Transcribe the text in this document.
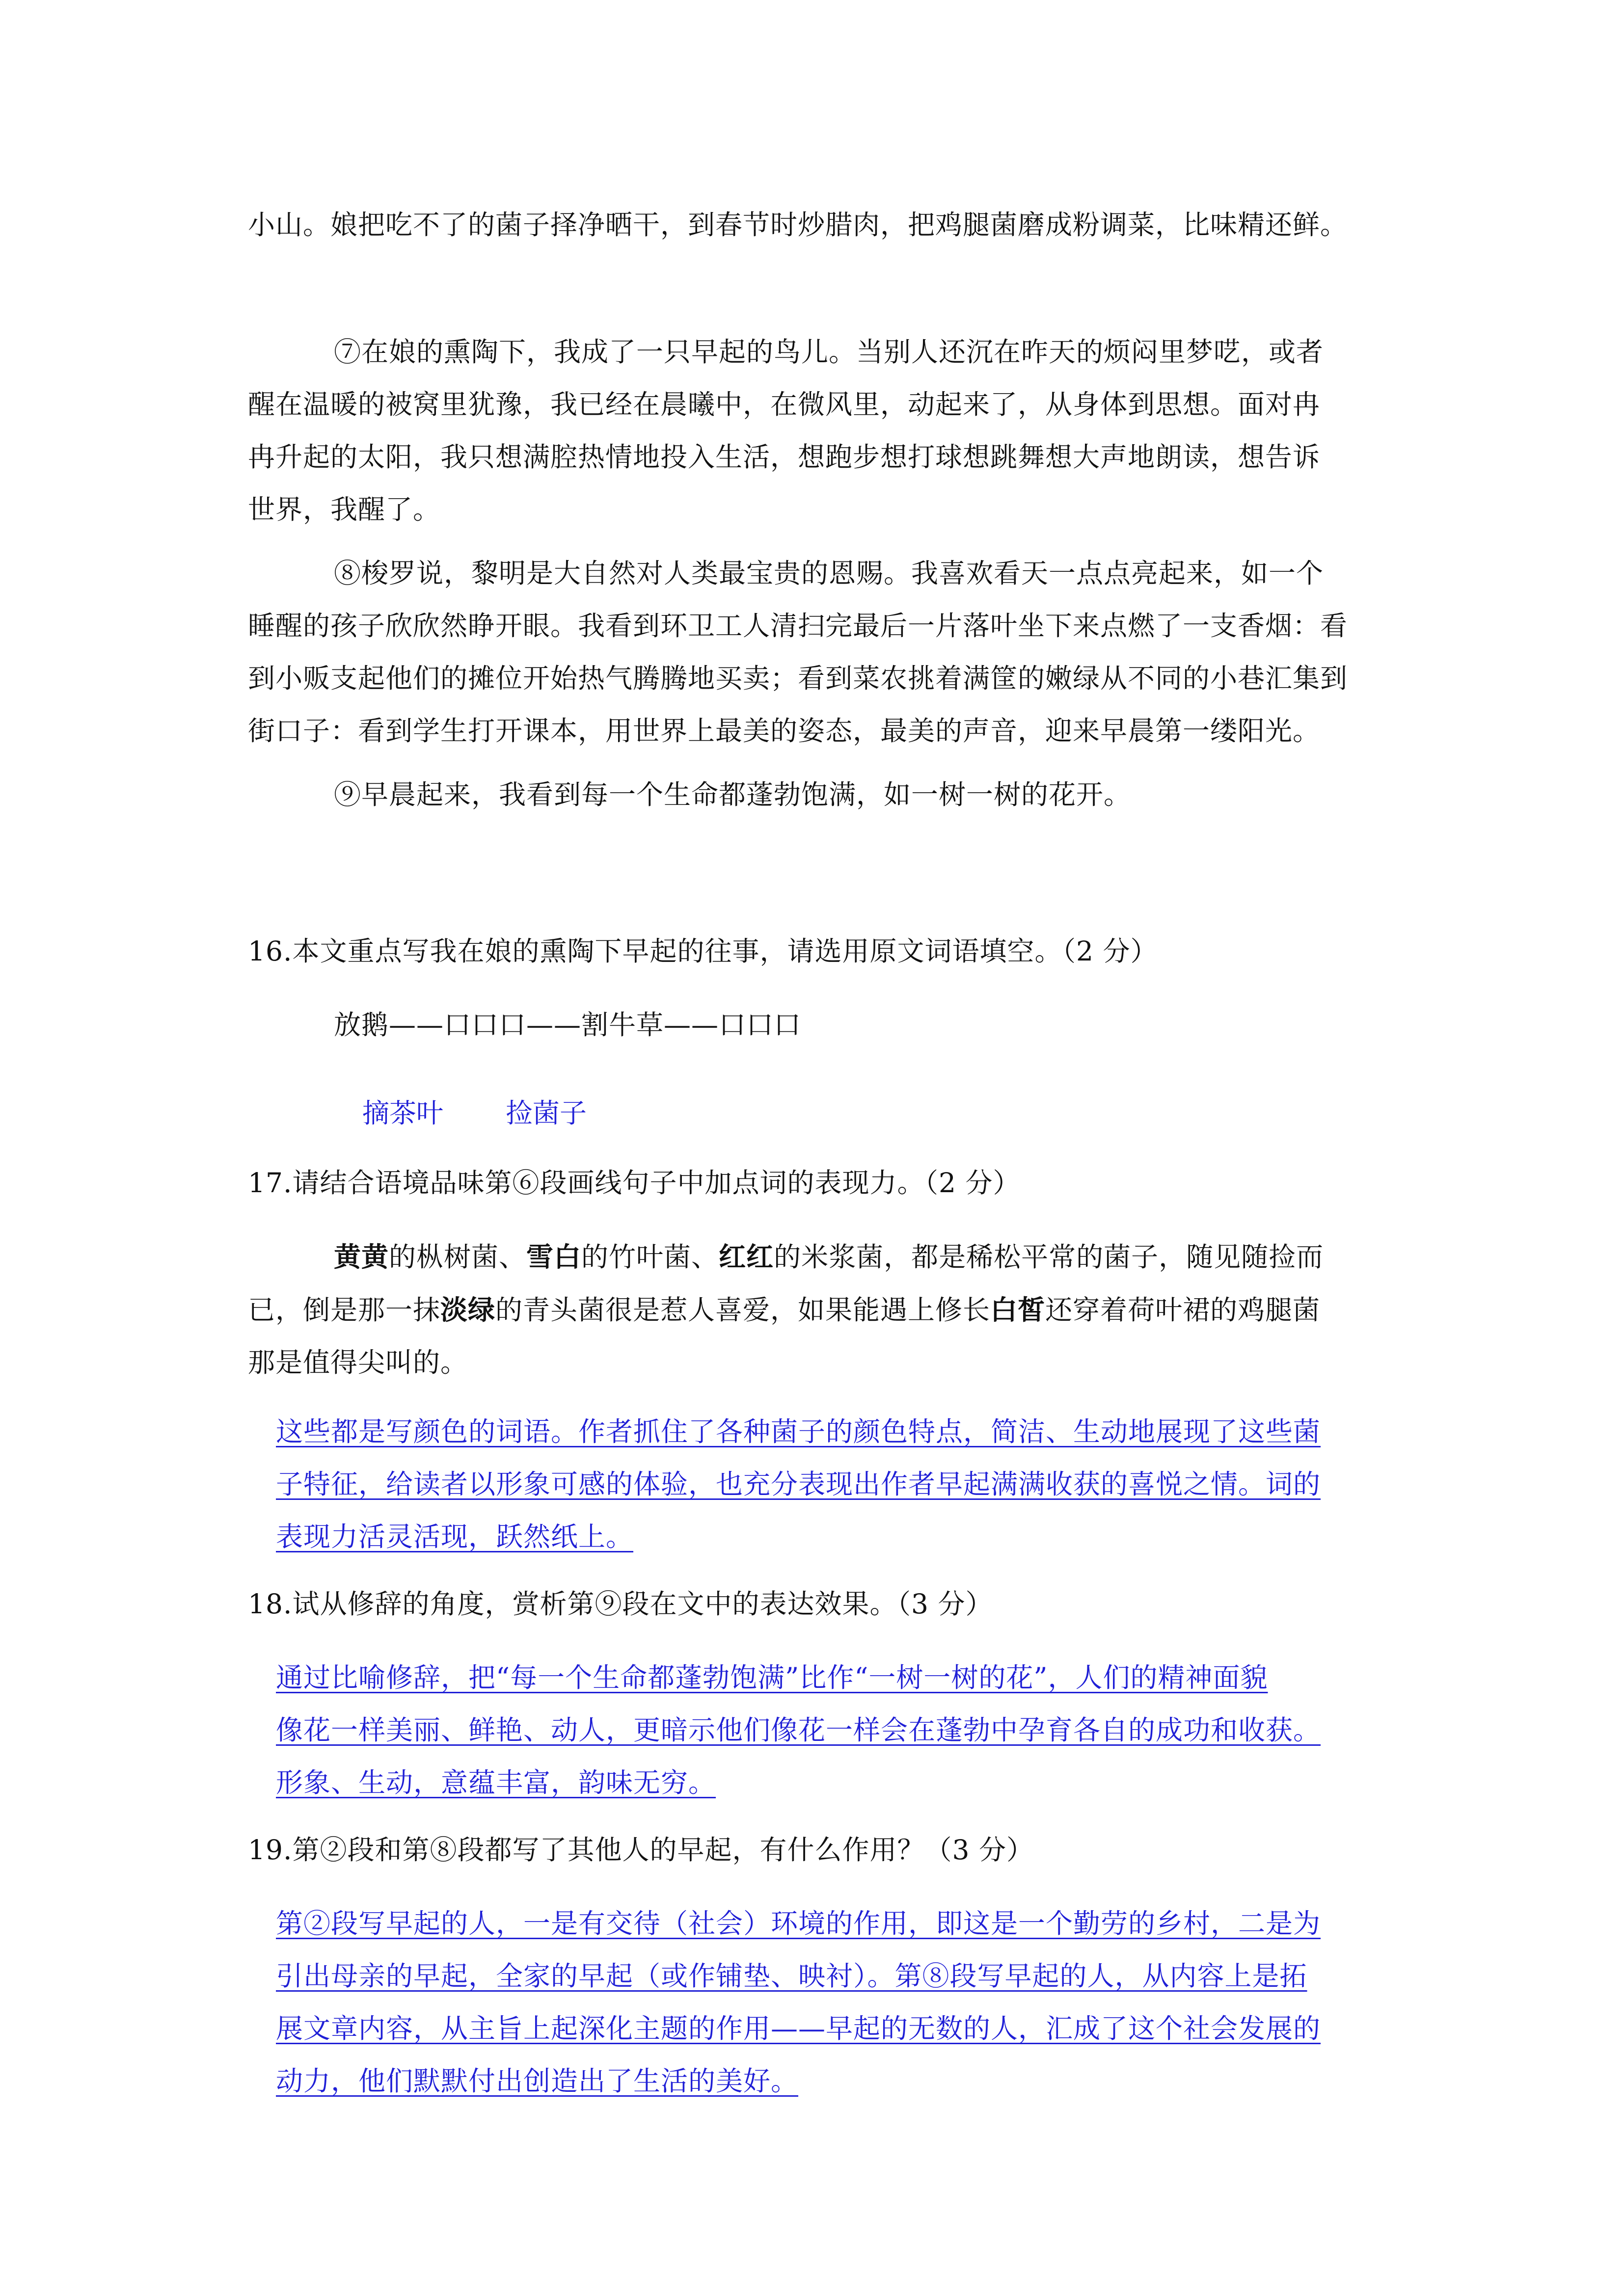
小山。娘把吃不了的菌子择净晒干，到春节时炒腊肉，把鸡腿菌磨成粉调菜，比味精还鲜。
⑦在娘的熏陶下，我成了一只早起的鸟儿。当别人还沉在昨天的烦闷里梦呓，或者
醒在温暖的被窝里犹豫，我已经在晨曦中，在微风里，动起来了，从身体到思想。面对冉
冉升起的太阳，我只想满腔热情地投入生活，想跑步想打球想跳舞想大声地朗读，想告诉
世界，我醒了。
⑧梭罗说，黎明是大自然对人类最宝贵的恩赐。我喜欢看天一点点亮起来，如一个
睡醒的孩子欣欣然睁开眼。我看到环卫工人清扫完最后一片落叶坐下来点燃了一支香烟：看
到小贩支起他们的摊位开始热气腾腾地买卖；看到菜农挑着满筐的嫩绿从不同的小巷汇集到
街口子：看到学生打开课本，用世界上最美的姿态，最美的声音，迎来早晨第一缕阳光。
⑨早晨起来，我看到每一个生命都蓬勃饱满，如一树一树的花开。
16.本文重点写我在娘的熏陶下早起的往事，请选用原文词语填空。（2 分）
放鹅——口口口——割牛草——口口口
摘茶叶 捡菌子
17.请结合语境品味第⑥段画线句子中加点词的表现力。（2 分）
黄黄的枞树菌、雪白的竹叶菌、红红的米浆菌，都是稀松平常的菌子，随见随捡而
已，倒是那一抹淡绿的青头菌很是惹人喜爱，如果能遇上修长白皙还穿着荷叶裙的鸡腿菌
那是值得尖叫的。
这些都是写颜色的词语。作者抓住了各种菌子的颜色特点，简洁、生动地展现了这些菌
子特征，给读者以形象可感的体验，也充分表现出作者早起满满收获的喜悦之情。词的
表现力活灵活现，跃然纸上。
18.试从修辞的角度，赏析第⑨段在文中的表达效果。（3 分）
通过比喻修辞，把“每一个生命都蓬勃饱满”比作“一树一树的花”，人们的精神面貌
像花一样美丽、鲜艳、动人，更暗示他们像花一样会在蓬勃中孕育各自的成功和收获。
形象、生动，意蕴丰富，韵味无穷。
19.第②段和第⑧段都写了其他人的早起，有什么作用？（3 分）
第②段写早起的人，一是有交待（社会）环境的作用，即这是一个勤劳的乡村，二是为
引出母亲的早起，全家的早起（或作铺垫、映衬）。第⑧段写早起的人，从内容上是拓
展文章内容，从主旨上起深化主题的作用——早起的无数的人，汇成了这个社会发展的
动力，他们默默付出创造出了生活的美好。
